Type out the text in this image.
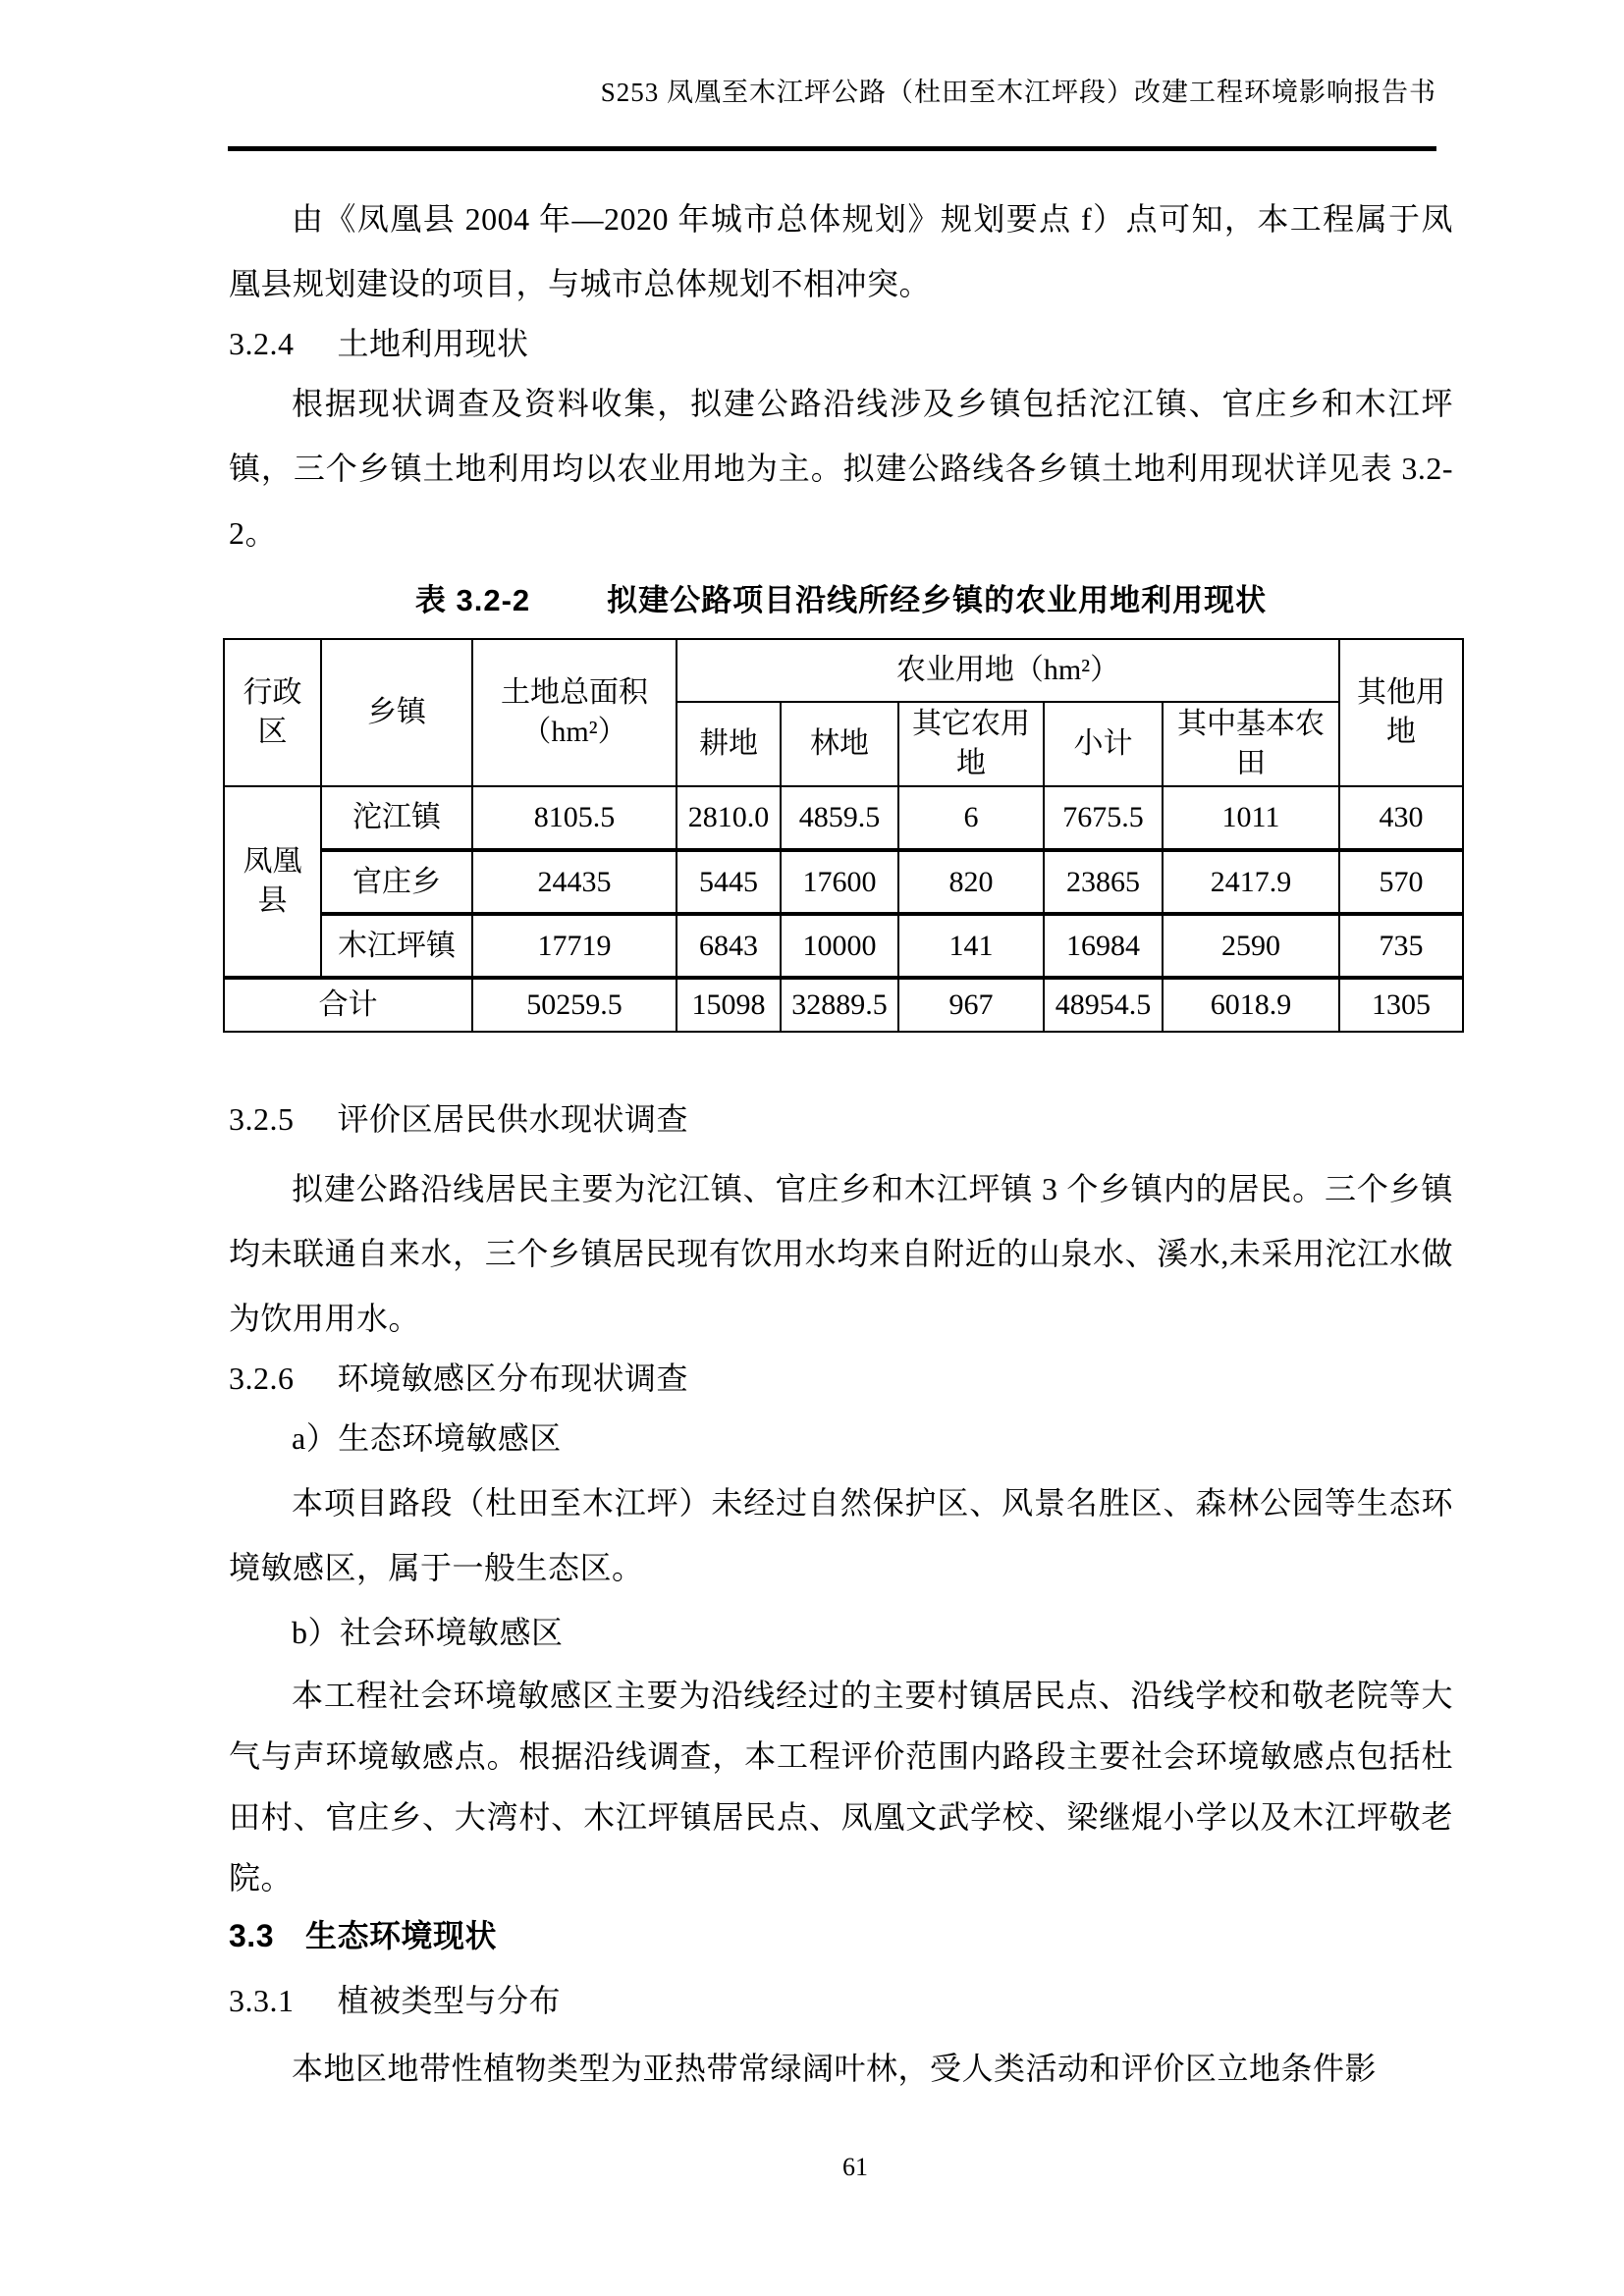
S253 凤凰至木江坪公路（杜田至木江坪段）改建工程环境影响报告书
由《凤凰县 2004 年—2020 年城市总体规划》规划要点 f）点可知，本工程属于凤凰县规划建设的项目，与城市总体规划不相冲突。
3.2.4 土地利用现状
根据现状调查及资料收集，拟建公路沿线涉及乡镇包括沱江镇、官庄乡和木江坪镇，三个乡镇土地利用均以农业用地为主。拟建公路线各乡镇土地利用现状详见表 3.2-2。
表 3.2-2	拟建公路项目沿线所经乡镇的农业用地利用现状
行政区	乡镇	土地总面积（hm²）	农业用地（hm²）					其他用地
			耕地	林地	其它农用地	小计	其中基本农田	
凤凰县	沱江镇	8105.5	2810.0	4859.5	6	7675.5	1011	430
	官庄乡	24435	5445	17600	820	23865	2417.9	570
	木江坪镇	17719	6843	10000	141	16984	2590	735
合计		50259.5	15098	32889.5	967	48954.5	6018.9	1305
3.2.5 评价区居民供水现状调查
拟建公路沿线居民主要为沱江镇、官庄乡和木江坪镇 3 个乡镇内的居民。三个乡镇均未联通自来水，三个乡镇居民现有饮用水均来自附近的山泉水、溪水,未采用沱江水做为饮用用水。
3.2.6 环境敏感区分布现状调查
a）生态环境敏感区
本项目路段（杜田至木江坪）未经过自然保护区、风景名胜区、森林公园等生态环境敏感区，属于一般生态区。
b）社会环境敏感区
本工程社会环境敏感区主要为沿线经过的主要村镇居民点、沿线学校和敬老院等大气与声环境敏感点。根据沿线调查，本工程评价范围内路段主要社会环境敏感点包括杜田村、官庄乡、大湾村、木江坪镇居民点、凤凰文武学校、梁继焜小学以及木江坪敬老院。
3.3 生态环境现状
3.3.1 植被类型与分布
本地区地带性植物类型为亚热带常绿阔叶林，受人类活动和评价区立地条件影
61
